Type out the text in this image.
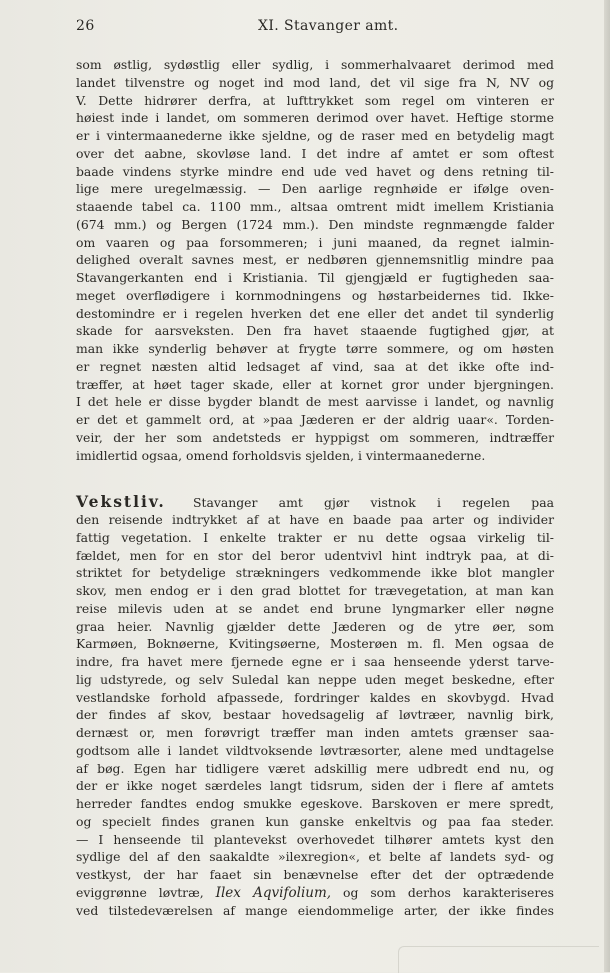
26	XI. Stavanger amt.
som østlig, sydøstlig eller sydlig, i sommerhalvaaret derimod med
landet tilvenstre og noget ind mod land, det vil sige fra N, NV og
V. Dette hidrører derfra, at lufttrykket som regel om vinteren er
høiest inde i landet, om sommeren derimod over havet. Heftige storme
er i vintermaanederne ikke sjeldne, og de raser med en betydelig magt
over det aabne, skovløse land. I det indre af amtet er som oftest
baade vindens styrke mindre end ude ved havet og dens retning til-
lige mere uregelmæssig. — Den aarlige regnhøide er ifølge oven-
staaende tabel ca. 1100 mm., altsaa omtrent midt imellem Kristiania
(674 mm.) og Bergen (1724 mm.). Den mindste regnmængde falder
om vaaren og paa forsommeren; i juni maaned, da regnet ialmin-
delighed overalt savnes mest, er nedbøren gjennemsnitlig mindre paa
Stavangerkanten end i Kristiania. Til gjengjæld er fugtigheden saa-
meget overflødigere i kornmodningens og høstarbeidernes tid. Ikke-
destomindre er i regelen hverken det ene eller det andet til synderlig
skade for aarsveksten. Den fra havet staaende fugtighed gjør, at
man ikke synderlig behøver at frygte tørre sommere, og om høsten
er regnet næsten altid ledsaget af vind, saa at det ikke ofte ind-
træffer, at høet tager skade, eller at kornet gror under bjergningen.
I det hele er disse bygder blandt de mest aarvisse i landet, og navnlig
er det et gammelt ord, at »paa Jæderen er der aldrig uaar«. Torden-
veir, der her som andetsteds er hyppigst om sommeren, indtræffer
imidlertid ogsaa, omend forholdsvis sjelden, i vintermaanederne.
Vekstliv. Stavanger amt gjør vistnok i regelen paa
den reisende indtrykket af at have en baade paa arter og individer
fattig vegetation. I enkelte trakter er nu dette ogsaa virkelig til-
fældet, men for en stor del beror udentvivl hint indtryk paa, at di-
striktet for betydelige strækningers vedkommende ikke blot mangler
skov, men endog er i den grad blottet for trævegetation, at man kan
reise milevis uden at se andet end brune lyngmarker eller nøgne
graa heier. Navnlig gjælder dette Jæderen og de ytre øer, som
Karmøen, Boknøerne, Kvitingsøerne, Mosterøen m. fl. Men ogsaa de
indre, fra havet mere fjernede egne er i saa henseende yderst tarve-
lig udstyrede, og selv Suledal kan neppe uden meget beskedne, efter
vestlandske forhold afpassede, fordringer kaldes en skovbygd. Hvad
der findes af skov, bestaar hovedsagelig af løvtræer, navnlig birk,
dernæst or, men forøvrigt træffer man inden amtets grænser saa-
godtsom alle i landet vildtvoksende løvtræsorter, alene med undtagelse
af bøg. Egen har tidligere været adskillig mere udbredt end nu, og
der er ikke noget særdeles langt tidsrum, siden der i flere af amtets
herreder fandtes endog smukke egeskove. Barskoven er mere spredt,
og specielt findes granen kun ganske enkeltvis og paa faa steder.
— I henseende til plantevekst overhovedet tilhører amtets kyst den
sydlige del af den saakaldte »ilexregion«, et belte af landets syd- og
vestkyst, der har faaet sin benævnelse efter det der optrædende
eviggrønne løvtræ, Ilex Aqvifolium, og som derhos karakteriseres
ved tilstedeværelsen af mange eiendommelige arter, der ikke findes
